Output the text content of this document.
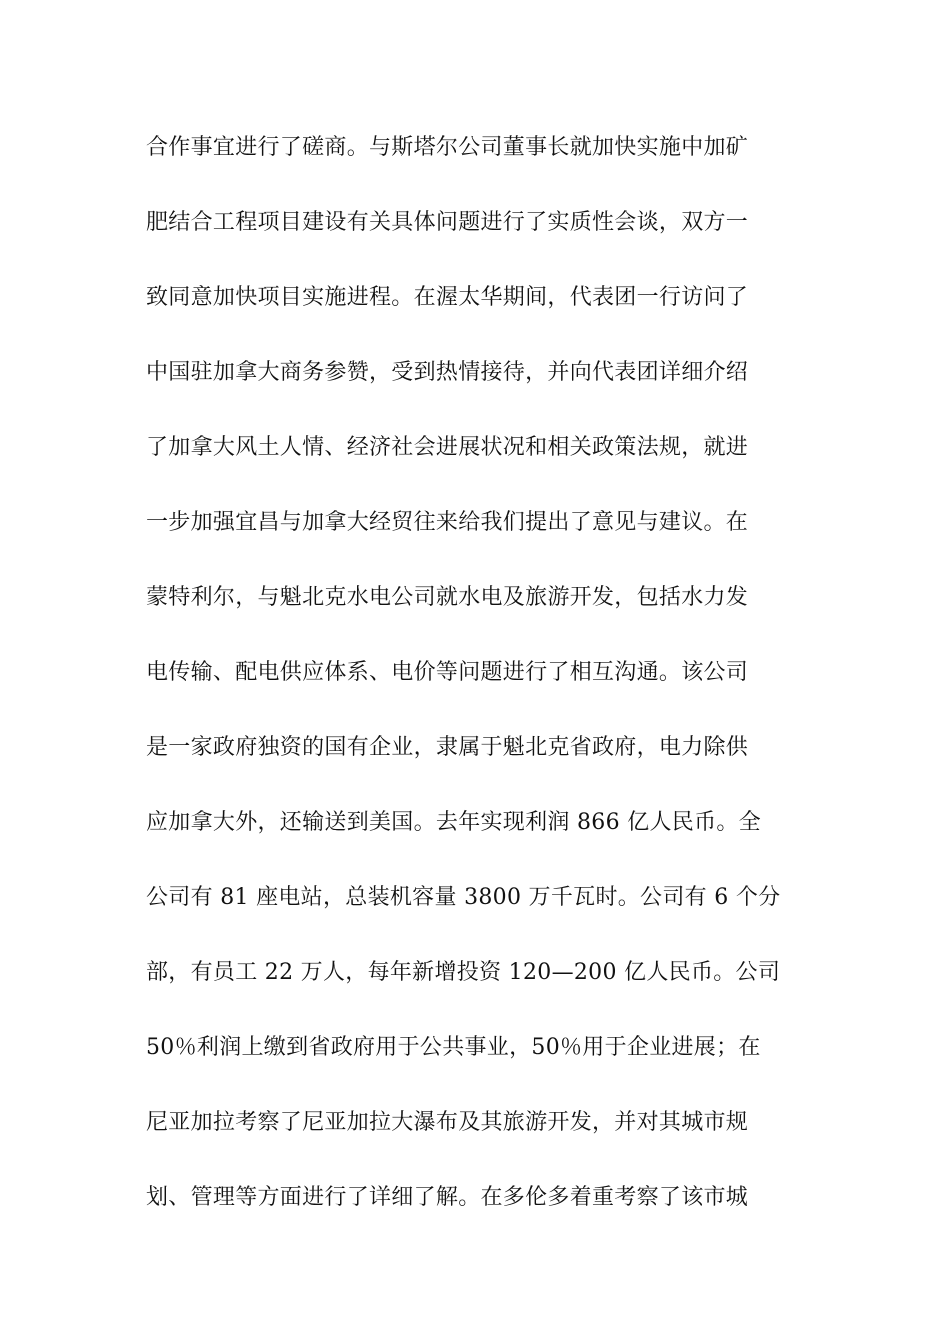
合作事宜进行了磋商。与斯塔尔公司董事长就加快实施中加矿
肥结合工程项目建设有关具体问题进行了实质性会谈，双方一
致同意加快项目实施进程。在渥太华期间，代表团一行访问了
中国驻加拿大商务参赞，受到热情接待，并向代表团详细介绍
了加拿大风土人情、经济社会进展状况和相关政策法规，就进
一步加强宜昌与加拿大经贸往来给我们提出了意见与建议。在
蒙特利尔，与魁北克水电公司就水电及旅游开发，包括水力发
电传输、配电供应体系、电价等问题进行了相互沟通。该公司
是一家政府独资的国有企业，隶属于魁北克省政府，电力除供
应加拿大外，还输送到美国。去年实现利润 866 亿人民币。全
公司有 81 座电站，总装机容量 3800 万千瓦时。公司有 6 个分
部，有员工 22 万人，每年新增投资 120—200 亿人民币。公司
50％利润上缴到省政府用于公共事业，50％用于企业进展；在
尼亚加拉考察了尼亚加拉大瀑布及其旅游开发，并对其城市规
划、管理等方面进行了详细了解。在多伦多着重考察了该市城
